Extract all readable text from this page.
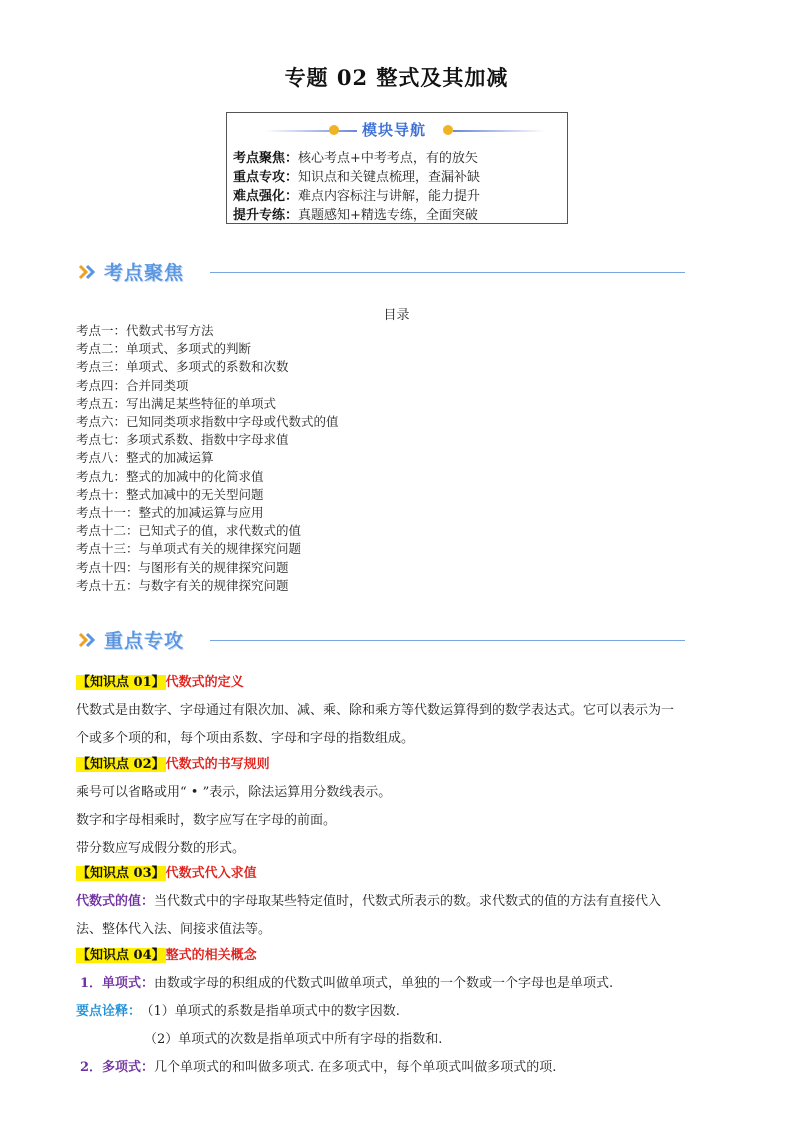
专题 02 整式及其加减
模块导航
考点聚焦：核心考点+中考考点，有的放矢
重点专攻：知识点和关键点梳理，查漏补缺
难点强化：难点内容标注与讲解，能力提升
提升专练：真题感知+精选专练，全面突破
考点聚焦
目录
考点一：代数式书写方法
考点二：单项式、多项式的判断
考点三：单项式、多项式的系数和次数
考点四：合并同类项
考点五：写出满足某些特征的单项式
考点六：已知同类项求指数中字母或代数式的值
考点七：多项式系数、指数中字母求值
考点八：整式的加减运算
考点九：整式的加减中的化简求值
考点十：整式加减中的无关型问题
考点十一：整式的加减运算与应用
考点十二：已知式子的值，求代数式的值
考点十三：与单项式有关的规律探究问题
考点十四：与图形有关的规律探究问题
考点十五：与数字有关的规律探究问题
重点专攻
【知识点 01】代数式的定义
代数式是由数字、字母通过有限次加、减、乘、除和乘方等代数运算得到的数学表达式。它可以表示为一
个或多个项的和，每个项由系数、字母和字母的指数组成。
【知识点 02】代数式的书写规则
乘号可以省略或用“ • ”表示，除法运算用分数线表示。
数字和字母相乘时，数字应写在字母的前面。
带分数应写成假分数的形式。
【知识点 03】代数式代入求值
代数式的值：当代数式中的字母取某些特定值时，代数式所表示的数。求代数式的值的方法有直接代入
法、整体代入法、间接求值法等。
【知识点 04】整式的相关概念
1．单项式：由数或字母的积组成的代数式叫做单项式，单独的一个数或一个字母也是单项式.
要点诠释： （1）单项式的系数是指单项式中的数字因数.
（2）单项式的次数是指单项式中所有字母的指数和.
2．多项式：几个单项式的和叫做多项式. 在多项式中，每个单项式叫做多项式的项.
